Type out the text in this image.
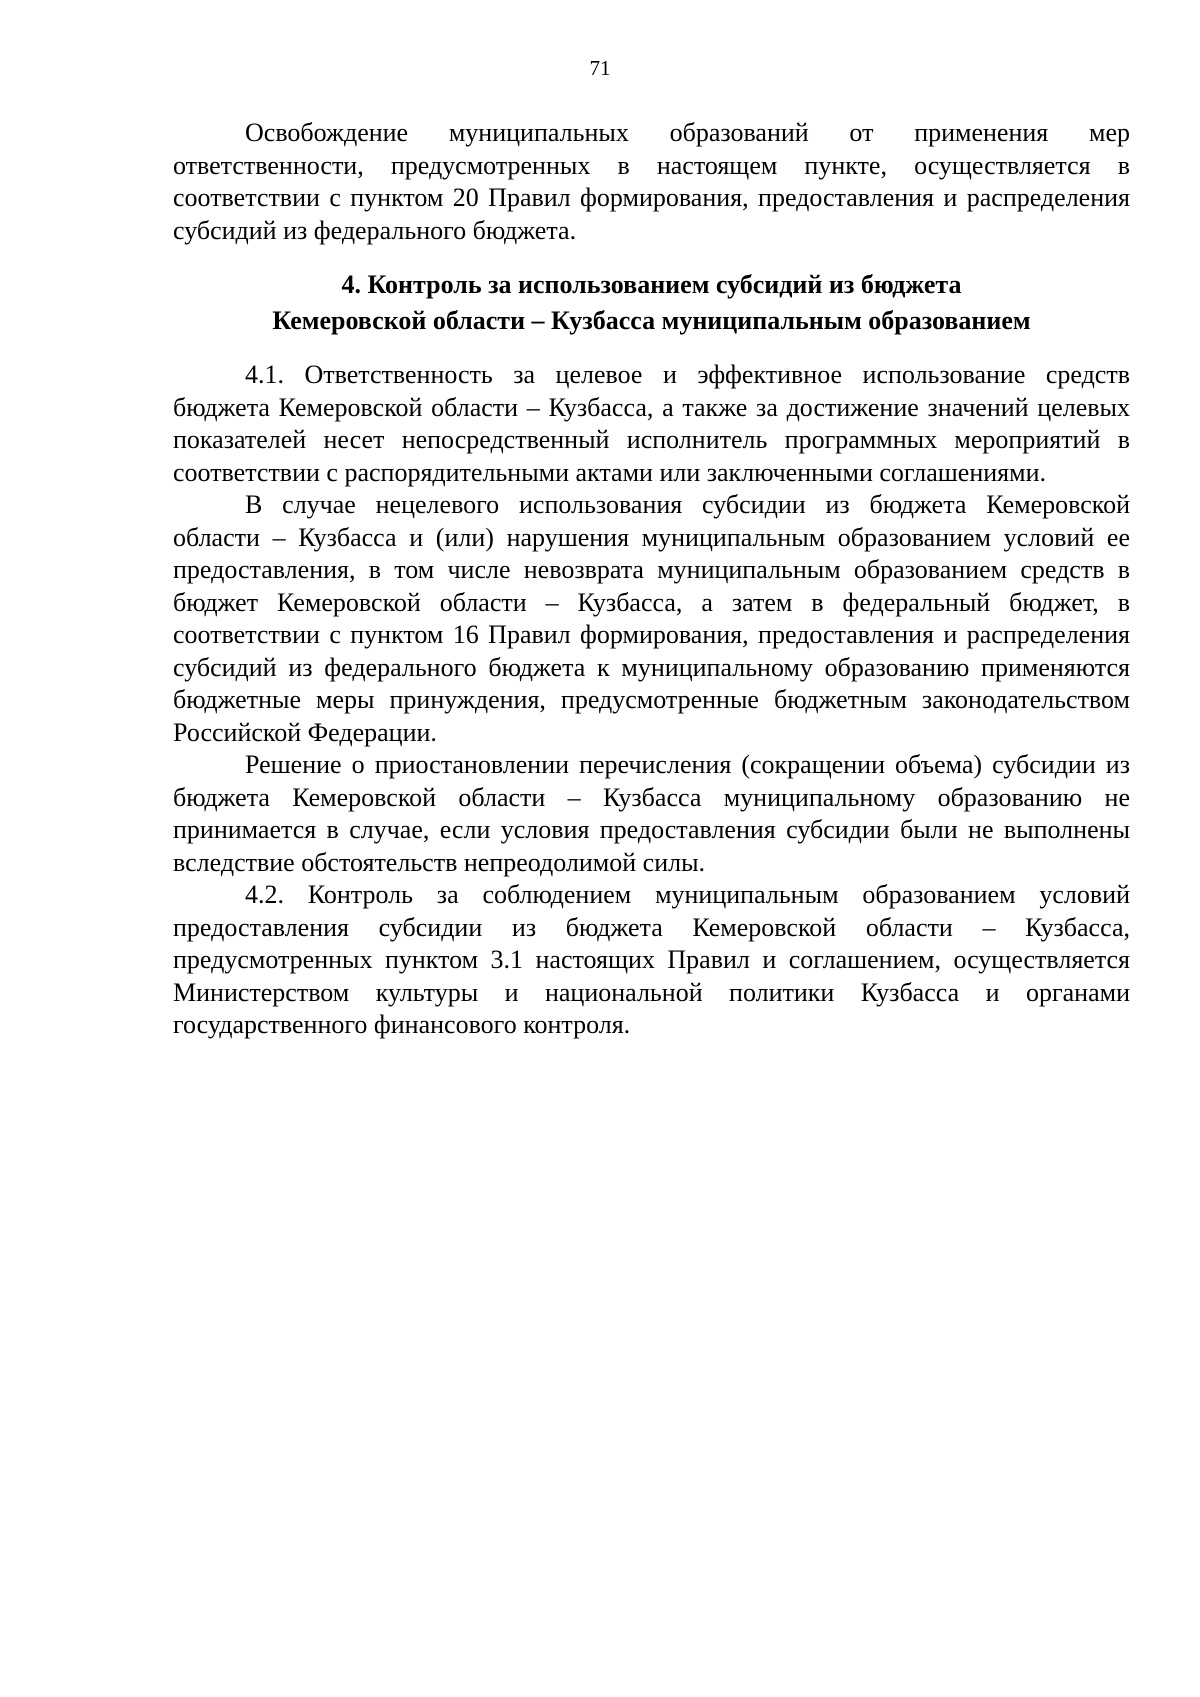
71

Освобождение муниципальных образований от применения мер ответственности, предусмотренных в настоящем пункте, осуществляется в соответствии с пунктом 20 Правил формирования, предоставления и распределения субсидий из федерального бюджета.

4. Контроль за использованием субсидий из бюджета
Кемеровской области – Кузбасса муниципальным образованием

4.1. Ответственность за целевое и эффективное использование средств бюджета Кемеровской области – Кузбасса, а также за достижение значений целевых показателей несет непосредственный исполнитель программных мероприятий в соответствии с распорядительными актами или заключенными соглашениями.

В случае нецелевого использования субсидии из бюджета Кемеровской области – Кузбасса и (или) нарушения муниципальным образованием условий ее предоставления, в том числе невозврата муниципальным образованием средств в бюджет Кемеровской области – Кузбасса, а затем в федеральный бюджет, в соответствии с пунктом 16 Правил формирования, предоставления и распределения субсидий из федерального бюджета к муниципальному образованию применяются бюджетные меры принуждения, предусмотренные бюджетным законодательством Российской Федерации.

Решение о приостановлении перечисления (сокращении объема) субсидии из бюджета Кемеровской области – Кузбасса муниципальному образованию не принимается в случае, если условия предоставления субсидии были не выполнены вследствие обстоятельств непреодолимой силы.

4.2. Контроль за соблюдением муниципальным образованием условий предоставления субсидии из бюджета Кемеровской области – Кузбасса, предусмотренных пунктом 3.1 настоящих Правил и соглашением, осуществляется Министерством культуры и национальной политики Кузбасса и органами государственного финансового контроля.
